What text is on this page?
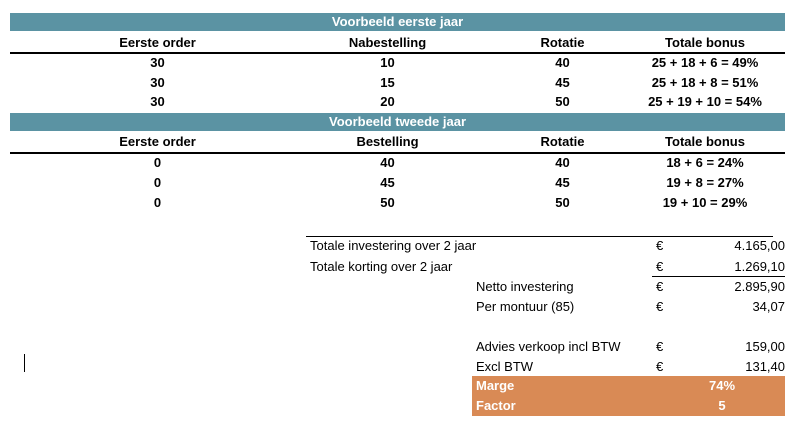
Voorbeeld eerste jaar
Eerste order	Nabestelling	Rotatie	Totale bonus
30	10	40	25 + 18 + 6 = 49%
30	15	45	25 + 18 + 8 = 51%
30	20	50	25 + 19 + 10 = 54%
Voorbeeld tweede jaar
Eerste order	Bestelling	Rotatie	Totale bonus
0	40	40	18 + 6 = 24%
0	45	45	19 + 8 = 27%
0	50	50	19 + 10 = 29%
Totale investering over 2 jaar	€	4.165,00
Totale korting over 2 jaar	€	1.269,10
Netto investering	€	2.895,90
Per montuur (85)	€	34,07
Advies verkoop incl BTW	€	159,00
Excl BTW	€	131,40
Marge	74%
Factor	5
